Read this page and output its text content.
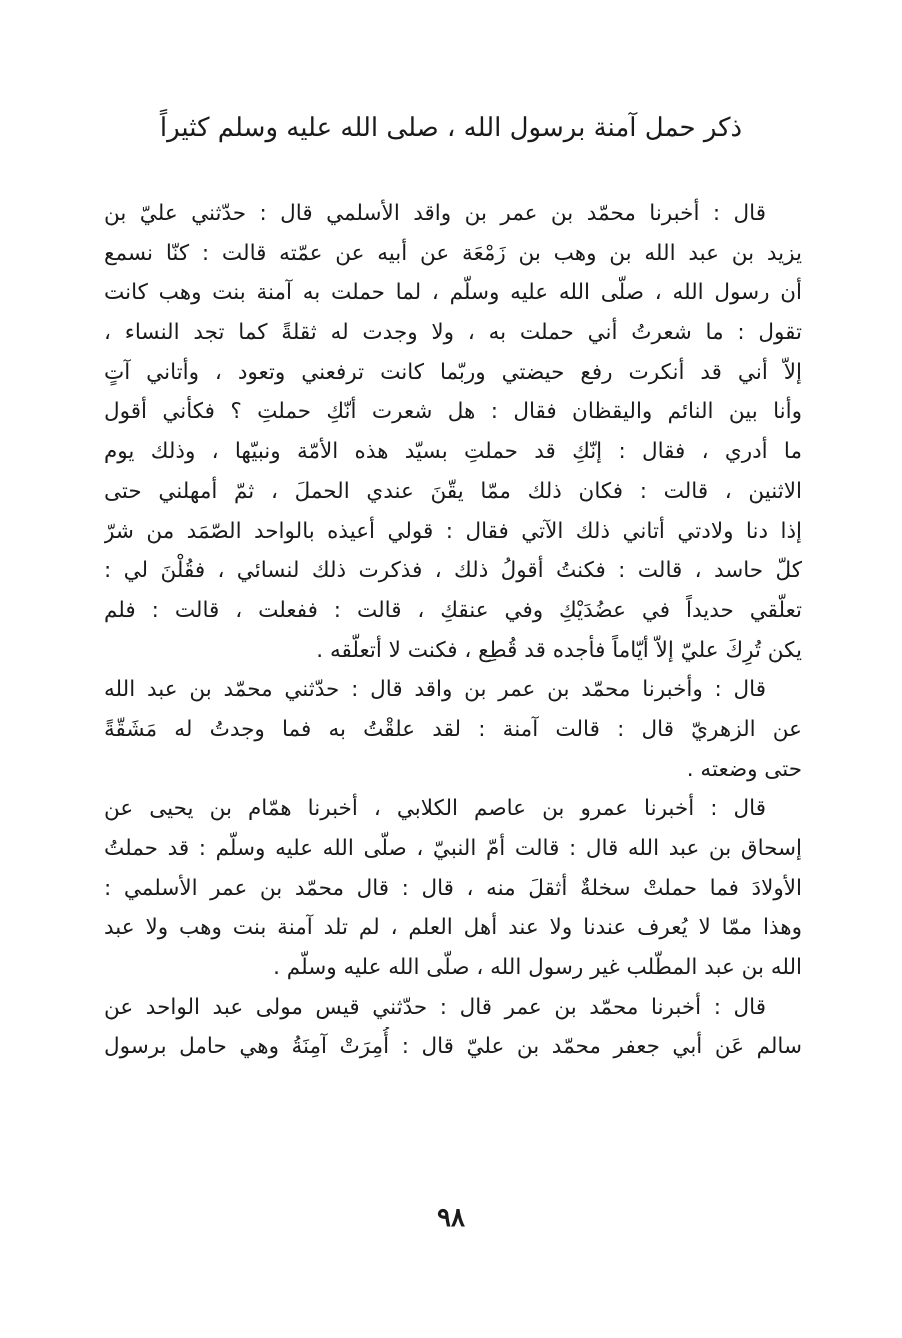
ذكر حمل آمنة برسول الله ، صلى الله عليه وسلم كثيراً
قال : أخبرنا محمّد بن عمر بن واقد الأسلمي قال : حدّثني عليّ بن
يزيد بن عبد الله بن وهب بن زَمْعَة عن أبيه عن عمّته قالت : كنّا نسمع
أن رسول الله ، صلّى الله عليه وسلّم ، لما حملت به آمنة بنت وهب كانت
تقول : ما شعرتُ أني حملت به ، ولا وجدت له ثقلةً كما تجد النساء ،
إلاّ أني قد أنكرت رفع حيضتي وربّما كانت ترفعني وتعود ، وأتاني آتٍ
وأنا بين النائم واليقظان فقال : هل شعرت أنّكِ حملتِ ؟ فكأني أقول
ما أدري ، فقال : إنّكِ قد حملتِ بسيّد هذه الأمّة ونبيّها ، وذلك يوم
الاثنين ، قالت : فكان ذلك ممّا يقّنَ عندي الحملَ ، ثمّ أمهلني حتى
إذا دنا ولادتي أتاني ذلك الآتي فقال : قولي أعيذه بالواحد الصّمَد من شرّ
كلّ حاسد ، قالت : فكنتُ أقولُ ذلك ، فذكرت ذلك لنسائي ، فقُلْنَ لي :
تعلّقي حديداً في عضُدَيْكِ وفي عنقكِ ، قالت : ففعلت ، قالت : فلم
يكن تُرِكَ عليّ إلاّ أيّاماً فأجده قد قُطِع ، فكنت لا أتعلّقه .
قال : وأخبرنا محمّد بن عمر بن واقد قال : حدّثني محمّد بن عبد الله
عن الزهريّ قال : قالت آمنة : لقد علقْتُ به فما وجدتُ له مَشَقّةً
حتى وضعته .
قال : أخبرنا عمرو بن عاصم الكلابي ، أخبرنا همّام بن يحيى عن
إسحاق بن عبد الله قال : قالت أمّ النبيّ ، صلّى الله عليه وسلّم : قد حملتُ
الأولادَ فما حملتْ سخلةٌ أثقلَ منه ، قال : قال محمّد بن عمر الأسلمي :
وهذا ممّا لا يُعرف عندنا ولا عند أهل العلم ، لم تلد آمنة بنت وهب ولا عبد
الله بن عبد المطّلب غير رسول الله ، صلّى الله عليه وسلّم .
قال : أخبرنا محمّد بن عمر قال : حدّثني قيس مولى عبد الواحد عن
سالم عَن أبي جعفر محمّد بن عليّ قال : أُمِرَتْ آمِنَةُ وهي حامل برسول
٩٨
